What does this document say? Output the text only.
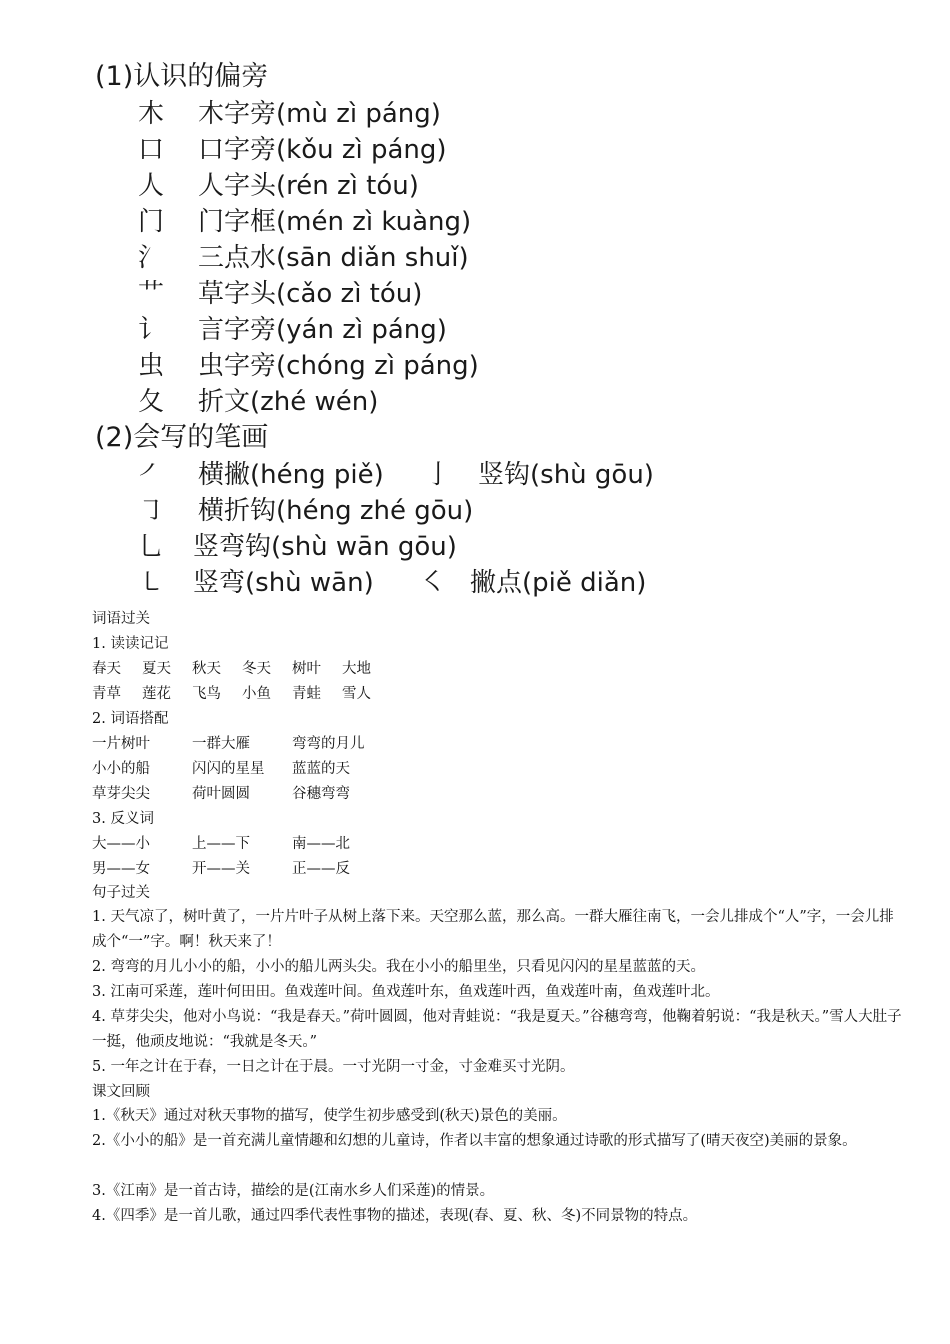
(1)认识的偏旁
木	木字旁(mù zì páng)
口	口字旁(kǒu zì páng)
人	人字头(rén zì tóu)
门	门字框(mén zì kuàng)
氵	三点水(sān diǎn shuǐ)
艹	草字头(cǎo zì tóu)
讠	言字旁(yán zì páng)
虫	虫字旁(chóng zì páng)
夂	折文(zhé wén)
(2)会写的笔画
㇒	横撇(héng piě) 亅 竖钩(shù gōu)
㇆	横折钩(héng zhé gōu)
乚	竖弯钩(shù wān gōu)
㇄	竖弯(shù wān) ㇛ 撇点(piě diǎn)
词语过关
1. 读读记记
春天 夏天 秋天 冬天 树叶 大地
青草 莲花 飞鸟 小鱼 青蛙 雪人
2. 词语搭配
一片树叶	一群大雁	弯弯的月儿
小小的船	闪闪的星星 蓝蓝的天
草芽尖尖	荷叶圆圆	谷穗弯弯
3. 反义词
大——小	上——下	南——北
男——女	开——关	正——反
句子过关
1. 天气凉了，树叶黄了，一片片叶子从树上落下来。天空那么蓝，那么高。一群大雁往南飞，一会儿排成个“人”字，一会儿排成个“一”字。啊！秋天来了！
2. 弯弯的月儿小小的船，小小的船儿两头尖。我在小小的船里坐，只看见闪闪的星星蓝蓝的天。
3. 江南可采莲，莲叶何田田。鱼戏莲叶间。鱼戏莲叶东，鱼戏莲叶西，鱼戏莲叶南，鱼戏莲叶北。
4. 草芽尖尖，他对小鸟说：“我是春天。”荷叶圆圆，他对青蛙说：“我是夏天。”谷穗弯弯，他鞠着躬说：“我是秋天。”雪人大肚子一挺，他顽皮地说：“我就是冬天。”
5. 一年之计在于春，一日之计在于晨。一寸光阴一寸金，寸金难买寸光阴。
课文回顾
1.《秋天》通过对秋天事物的描写，使学生初步感受到(秋天)景色的美丽。
2.《小小的船》是一首充满儿童情趣和幻想的儿童诗，作者以丰富的想象通过诗歌的形式描写了(晴天夜空)美丽的景象。
3.《江南》是一首古诗，描绘的是(江南水乡人们采莲)的情景。
4.《四季》是一首儿歌，通过四季代表性事物的描述，表现(春、夏、秋、冬)不同景物的特点。
